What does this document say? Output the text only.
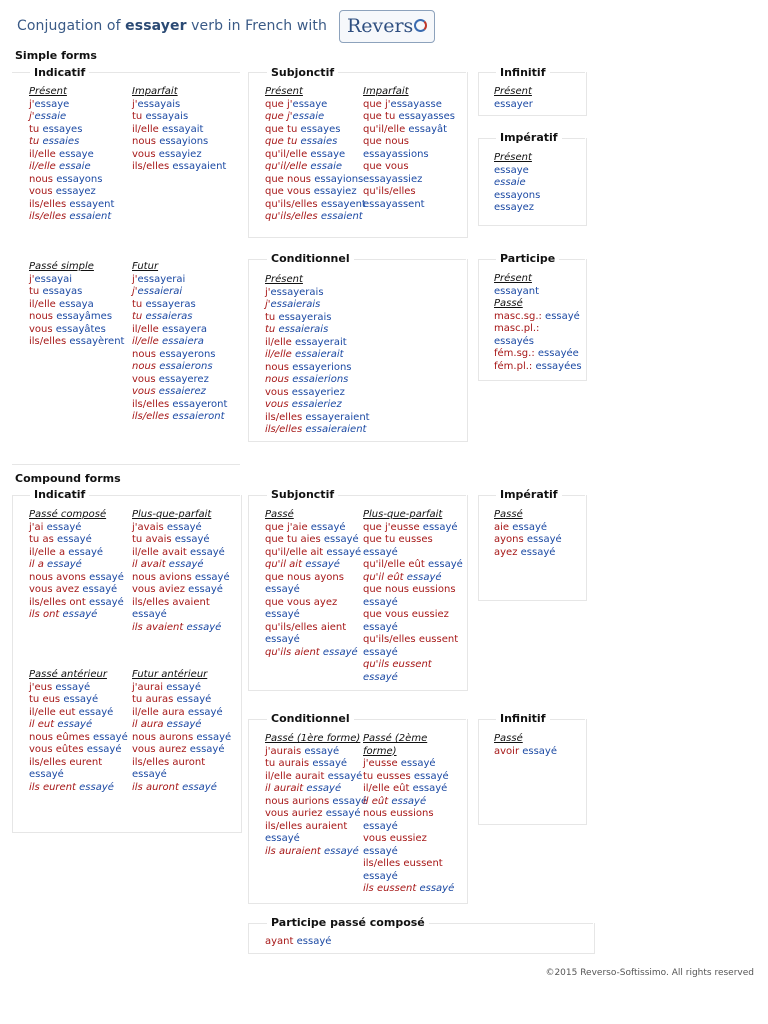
Conjugation of essayer verb in French with Revers
Simple forms
Indicatif
Présent
j'essaye
j'essaie
tu essayes
tu essaies
il/elle essaye
il/elle essaie
nous essayons
vous essayez
ils/elles essayent
ils/elles essaient
Imparfait
j'essayais
tu essayais
il/elle essayait
nous essayions
vous essayiez
ils/elles essayaient
Passé simple
j'essayai
tu essayas
il/elle essaya
nous essayâmes
vous essayâtes
ils/elles essayèrent
Futur
j'essayerai
j'essaierai
tu essayeras
tu essaieras
il/elle essayera
il/elle essaiera
nous essayerons
nous essaierons
vous essayerez
vous essaierez
ils/elles essayeront
ils/elles essaieront
Subjonctif
Présent
que j'essaye
que j'essaie
que tu essayes
que tu essaies
qu'il/elle essaye
qu'il/elle essaie
que nous essayions
que vous essayiez
qu'ils/elles essayent
qu'ils/elles essaient
Imparfait
que j'essayasse
que tu essayasses
qu'il/elle essayât
que nous
essayassions
que vous
essayassiez
qu'ils/elles
essayassent
Conditionnel
Présent
j'essayerais
j'essaierais
tu essayerais
tu essaierais
il/elle essayerait
il/elle essaierait
nous essayerions
nous essaierions
vous essayeriez
vous essaieriez
ils/elles essayeraient
ils/elles essaieraient
Infinitif
Présent
essayer
Impératif
Présent
essaye
essaie
essayons
essayez
Participe
Présent
essayant
Passé
masc.sg.: essayé
masc.pl.:
essayés
fém.sg.: essayée
fém.pl.: essayées
Compound forms
Indicatif
Passé composé
j'ai essayé
tu as essayé
il/elle a essayé
il a essayé
nous avons essayé
vous avez essayé
ils/elles ont essayé
ils ont essayé
Plus-que-parfait
j'avais essayé
tu avais essayé
il/elle avait essayé
il avait essayé
nous avions essayé
vous aviez essayé
ils/elles avaient
essayé
ils avaient essayé
Passé antérieur
j'eus essayé
tu eus essayé
il/elle eut essayé
il eut essayé
nous eûmes essayé
vous eûtes essayé
ils/elles eurent
essayé
ils eurent essayé
Futur antérieur
j'aurai essayé
tu auras essayé
il/elle aura essayé
il aura essayé
nous aurons essayé
vous aurez essayé
ils/elles auront
essayé
ils auront essayé
Subjonctif
Passé
que j'aie essayé
que tu aies essayé
qu'il/elle ait essayé
qu'il ait essayé
que nous ayons
essayé
que vous ayez
essayé
qu'ils/elles aient
essayé
qu'ils aient essayé
Plus-que-parfait
que j'eusse essayé
que tu eusses
essayé
qu'il/elle eût essayé
qu'il eût essayé
que nous eussions
essayé
que vous eussiez
essayé
qu'ils/elles eussent
essayé
qu'ils eussent
essayé
Conditionnel
Passé (1ère forme)
j'aurais essayé
tu aurais essayé
il/elle aurait essayé
il aurait essayé
nous aurions essayé
vous auriez essayé
ils/elles auraient
essayé
ils auraient essayé
Passé (2ème
forme)
j'eusse essayé
tu eusses essayé
il/elle eût essayé
il eût essayé
nous eussions
essayé
vous eussiez
essayé
ils/elles eussent
essayé
ils eussent essayé
Impératif
Passé
aie essayé
ayons essayé
ayez essayé
Infinitif
Passé
avoir essayé
Participe passé composé
ayant essayé
©2015 Reverso-Softissimo. All rights reserved
